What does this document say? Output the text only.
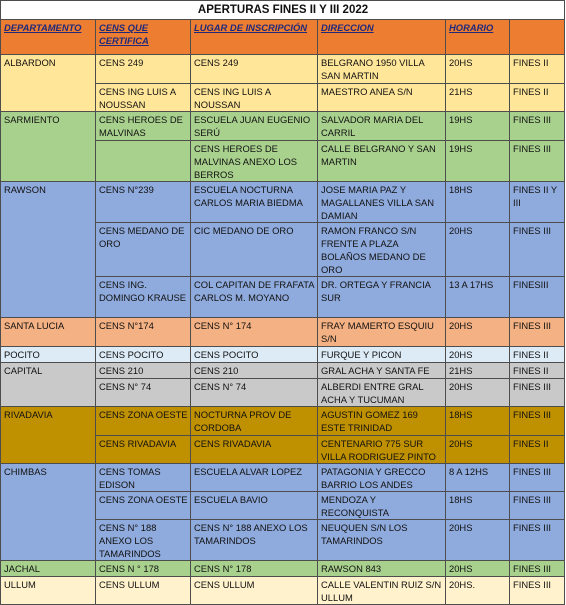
APERTURAS FINES II Y III 2022					
DEPARTAMENTO	CENS QUE CERTIFICA	LUGAR DE INSCRIPCIÓN	DIRECCION	HORARIO	
ALBARDON	CENS 249	CENS 249	BELGRANO 1950 VILLA SAN MARTIN	20HS	FINES II
	CENS ING LUIS A NOUSSAN	CENS ING LUIS A NOUSSAN	MAESTRO ANEA S/N	21HS	FINES II
SARMIENTO	CENS HEROES DE MALVINAS	ESCUELA JUAN EUGENIO SERÚ	SALVADOR MARIA DEL CARRIL	19HS	FINES III
		CENS HEROES DE MALVINAS ANEXO LOS BERROS	CALLE BELGRANO Y SAN MARTIN	19HS	FINES III
RAWSON	CENS N°239	ESCUELA NOCTURNA CARLOS MARIA BIEDMA	JOSE MARIA PAZ Y MAGALLANES VILLA SAN DAMIAN	18HS	FINES II Y III
	CENS MEDANO DE ORO	CIC MEDANO DE ORO	RAMON FRANCO S/N FRENTE A PLAZA BOLAÑOS MEDANO DE ORO	20HS	FINES III
	CENS ING. DOMINGO KRAUSE	COL CAPITAN DE FRAFATA CARLOS M. MOYANO	DR. ORTEGA Y FRANCIA SUR	13 A 17HS	FINESIII
SANTA LUCIA	CENS N°174	CENS N° 174	FRAY MAMERTO ESQUIU S/N	20HS	FINES III
POCITO	CENS POCITO	CENS POCITO	FURQUE Y PICON	20HS	FINES II
CAPITAL	CENS 210	CENS 210	GRAL ACHA Y SANTA FE	21HS	FINES II
	CENS N° 74	CENS N° 74	ALBERDI ENTRE GRAL ACHA Y TUCUMAN	20HS	FINES III
RIVADAVIA	CENS ZONA OESTE	NOCTURNA PROV DE CORDOBA	AGUSTIN GOMEZ 169 ESTE TRINIDAD	18HS	FINES III
	CENS RIVADAVIA	CENS RIVADAVIA	CENTENARIO 775 SUR VILLA RODRIGUEZ PINTO	20HS	FINES II
CHIMBAS	CENS TOMAS EDISON	ESCUELA ALVAR LOPEZ	PATAGONIA Y GRECCO BARRIO LOS ANDES	8 A 12HS	FINES III
	CENS ZONA OESTE	ESCUELA BAVIO	MENDOZA Y RECONQUISTA	18HS	FINES III
	CENS N° 188 ANEXO LOS TAMARINDOS	CENS N° 188 ANEXO LOS TAMARINDOS	NEUQUEN S/N LOS TAMARINDOS	20HS	FINES III
JACHAL	CENS N ° 178	CENS N° 178	RAWSON 843	20HS	FINES III
ULLUM	CENS ULLUM	CENS ULLUM	CALLE VALENTIN RUIZ S/N ULLUM	20HS.	FINES III
